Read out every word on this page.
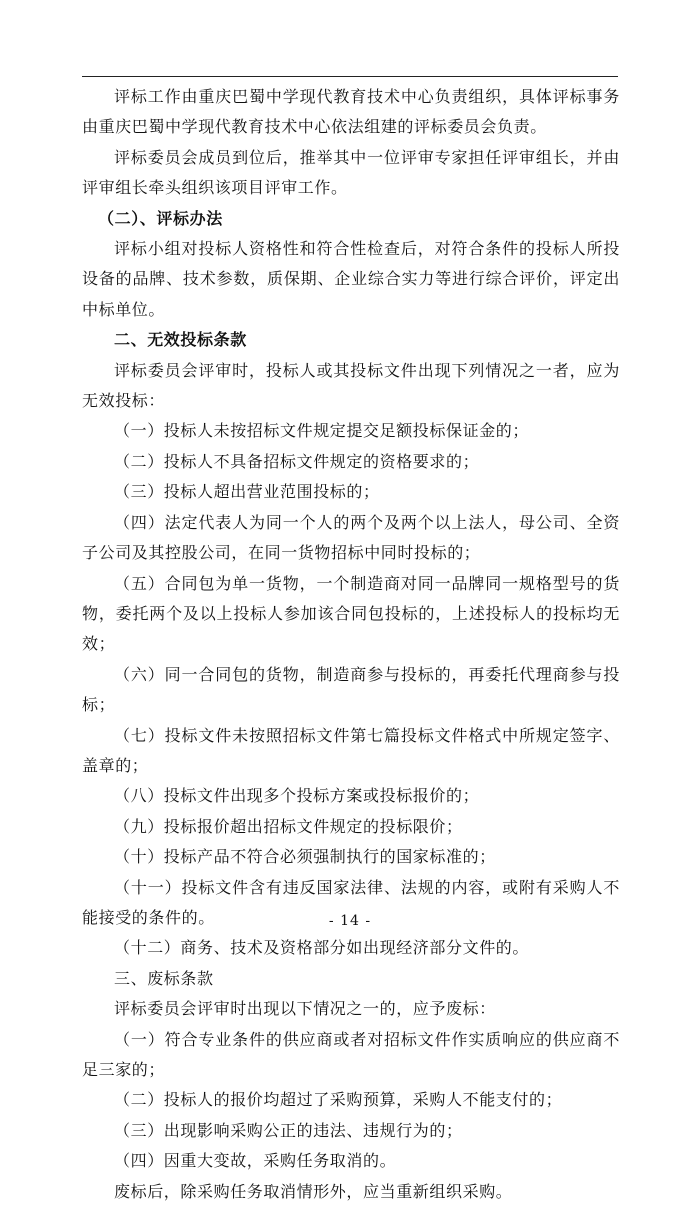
评标工作由重庆巴蜀中学现代教育技术中心负责组织，具体评标事务由重庆巴蜀中学现代教育技术中心依法组建的评标委员会负责。

评标委员会成员到位后，推举其中一位评审专家担任评审组长，并由评审组长牵头组织该项目评审工作。

（二）、评标办法

评标小组对投标人资格性和符合性检查后，对符合条件的投标人所投设备的品牌、技术参数，质保期、企业综合实力等进行综合评价，评定出中标单位。

二、无效投标条款

评标委员会评审时，投标人或其投标文件出现下列情况之一者，应为无效投标：

（一）投标人未按招标文件规定提交足额投标保证金的；

（二）投标人不具备招标文件规定的资格要求的；

（三）投标人超出营业范围投标的；

（四）法定代表人为同一个人的两个及两个以上法人，母公司、全资子公司及其控股公司，在同一货物招标中同时投标的；

（五）合同包为单一货物，一个制造商对同一品牌同一规格型号的货物，委托两个及以上投标人参加该合同包投标的，上述投标人的投标均无效；

（六）同一合同包的货物，制造商参与投标的，再委托代理商参与投标；

（七）投标文件未按照招标文件第七篇投标文件格式中所规定签字、盖章的；

（八）投标文件出现多个投标方案或投标报价的；

（九）投标报价超出招标文件规定的投标限价；

（十）投标产品不符合必须强制执行的国家标准的；

（十一）投标文件含有违反国家法律、法规的内容，或附有采购人不能接受的条件的。

（十二）商务、技术及资格部分如出现经济部分文件的。

三、废标条款

评标委员会评审时出现以下情况之一的，应予废标：

（一）符合专业条件的供应商或者对招标文件作实质响应的供应商不足三家的；

（二）投标人的报价均超过了采购预算，采购人不能支付的；

（三）出现影响采购公正的违法、违规行为的；

（四）因重大变故，采购任务取消的。

废标后，除采购任务取消情形外，应当重新组织采购。

- 14 -
